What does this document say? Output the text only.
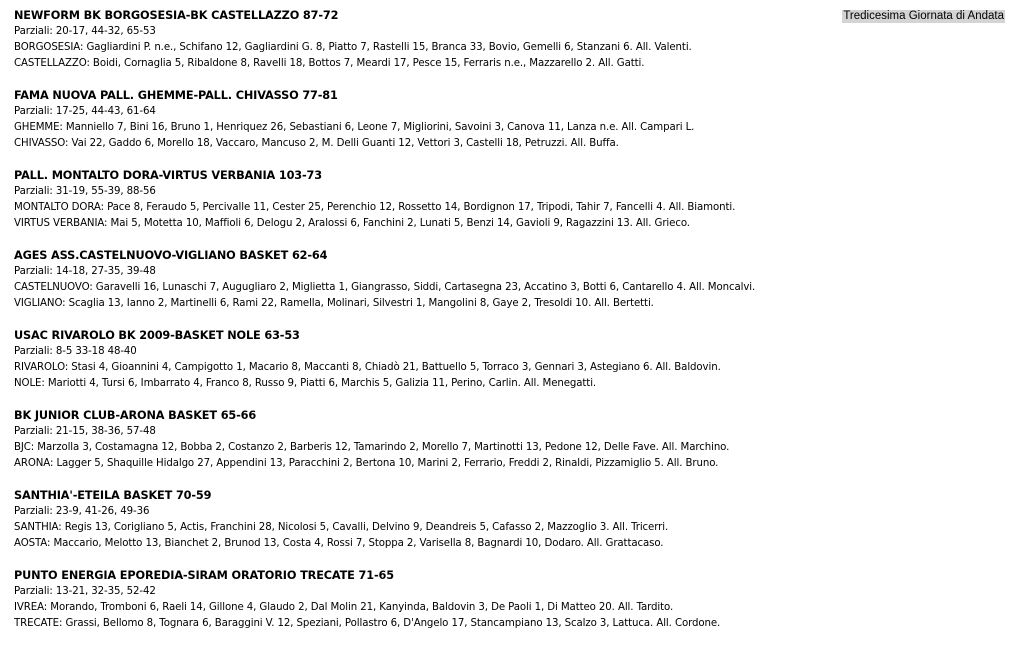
Tredicesima Giornata di Andata
NEWFORM BK BORGOSESIA-BK CASTELLAZZO 87-72
Parziali: 20-17, 44-32, 65-53
BORGOSESIA: Gagliardini P. n.e., Schifano 12, Gagliardini G. 8, Piatto 7, Rastelli 15, Branca 33, Bovio, Gemelli 6, Stanzani 6. All. Valenti.
CASTELLAZZO: Boidi, Cornaglia 5, Ribaldone 8, Ravelli 18, Bottos 7, Meardi 17, Pesce 15, Ferraris n.e., Mazzarello 2. All. Gatti.
FAMA NUOVA PALL. GHEMME-PALL. CHIVASSO 77-81
Parziali: 17-25, 44-43, 61-64
GHEMME: Manniello 7, Bini 16, Bruno 1, Henriquez 26, Sebastiani 6, Leone 7, Migliorini, Savoini 3, Canova 11, Lanza n.e. All. Campari L.
CHIVASSO: Vai 22, Gaddo 6, Morello 18, Vaccaro, Mancuso 2, M. Delli Guanti 12, Vettori 3, Castelli 18, Petruzzi. All. Buffa.
PALL. MONTALTO DORA-VIRTUS VERBANIA 103-73
Parziali: 31-19, 55-39, 88-56
MONTALTO DORA: Pace 8, Feraudo 5, Percivalle 11, Cester 25, Perenchio 12, Rossetto 14, Bordignon 17, Tripodi, Tahir 7, Fancelli 4. All. Biamonti.
VIRTUS VERBANIA: Mai 5, Motetta 10, Maffioli 6, Delogu 2, Aralossi 6, Fanchini 2, Lunati 5, Benzi 14, Gavioli 9, Ragazzini 13. All. Grieco.
AGES ASS.CASTELNUOVO-VIGLIANO BASKET 62-64
Parziali: 14-18, 27-35, 39-48
CASTELNUOVO: Garavelli 16, Lunaschi 7, Augugliaro 2, Miglietta 1, Giangrasso, Siddi, Cartasegna 23, Accatino 3, Botti 6, Cantarello 4. All. Moncalvi.
VIGLIANO: Scaglia 13, Ianno 2, Martinelli 6, Rami 22, Ramella, Molinari, Silvestri 1, Mangolini 8, Gaye 2, Tresoldi 10. All. Bertetti.
USAC RIVAROLO BK 2009-BASKET NOLE 63-53
Parziali: 8-5 33-18 48-40
RIVAROLO: Stasi 4, Gioannini 4, Campigotto 1, Macario 8, Maccanti 8, Chiadò 21, Battuello 5, Torraco 3, Gennari 3, Astegiano 6. All. Baldovin.
NOLE: Mariotti 4, Tursi 6, Imbarrato 4, Franco 8, Russo 9, Piatti 6, Marchis 5, Galizia 11, Perino, Carlin. All. Menegatti.
BK JUNIOR CLUB-ARONA BASKET 65-66
Parziali: 21-15, 38-36, 57-48
BJC: Marzolla 3, Costamagna 12, Bobba 2, Costanzo 2, Barberis 12, Tamarindo 2, Morello 7, Martinotti 13, Pedone 12, Delle Fave. All. Marchino.
ARONA: Lagger 5, Shaquille Hidalgo 27, Appendini 13, Paracchini 2, Bertona 10, Marini 2, Ferrario, Freddi 2, Rinaldi, Pizzamiglio 5. All. Bruno.
SANTHIA'-ETEILA BASKET 70-59
Parziali: 23-9, 41-26, 49-36
SANTHIA: Regis 13, Corigliano 5, Actis, Franchini 28, Nicolosi 5, Cavalli, Delvino 9, Deandreis 5, Cafasso 2, Mazzoglio 3. All. Tricerri.
AOSTA: Maccario, Melotto 13, Bianchet 2, Brunod 13, Costa 4, Rossi 7, Stoppa 2, Varisella 8, Bagnardi 10, Dodaro. All. Grattacaso.
PUNTO ENERGIA EPOREDIA-SIRAM ORATORIO TRECATE 71-65
Parziali: 13-21, 32-35, 52-42
IVREA: Morando, Tromboni 6, Raeli 14, Gillone 4, Glaudo 2, Dal Molin 21, Kanyinda, Baldovin 3, De Paoli 1, Di Matteo 20. All. Tardito.
TRECATE: Grassi, Bellomo 8, Tognara 6, Baraggini V. 12, Speziani, Pollastro 6, D'Angelo 17, Stancampiano 13, Scalzo 3, Lattuca. All. Cordone.
